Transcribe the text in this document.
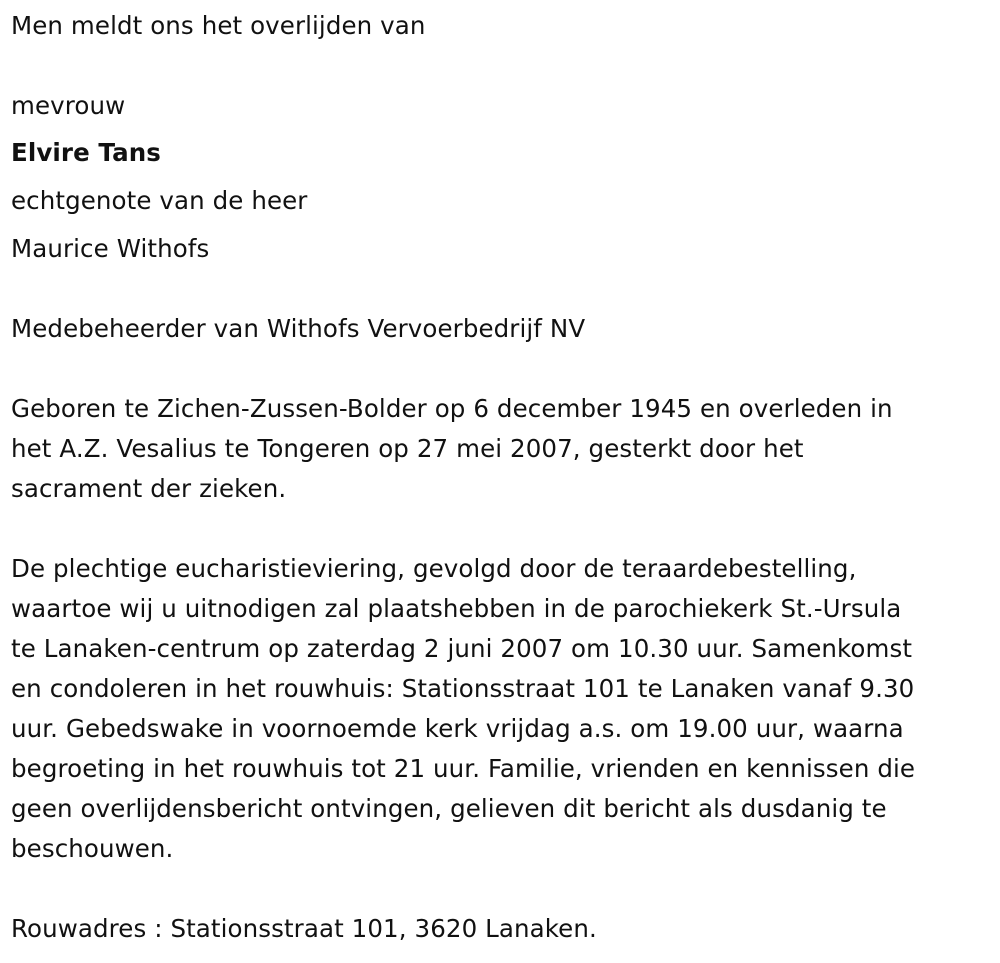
Men meldt ons het overlijden van
mevrouw
Elvire Tans
echtgenote van de heer
Maurice Withofs
Medebeheerder van Withofs Vervoerbedrijf NV
Geboren te Zichen-Zussen-Bolder op 6 december 1945 en overleden in
het A.Z. Vesalius te Tongeren op 27 mei 2007, gesterkt door het
sacrament der zieken.
De plechtige eucharistieviering, gevolgd door de teraardebestelling,
waartoe wij u uitnodigen zal plaatshebben in de parochiekerk St.-Ursula
te Lanaken-centrum op zaterdag 2 juni 2007 om 10.30 uur. Samenkomst
en condoleren in het rouwhuis: Stationsstraat 101 te Lanaken vanaf 9.30
uur. Gebedswake in voornoemde kerk vrijdag a.s. om 19.00 uur, waarna
begroeting in het rouwhuis tot 21 uur. Familie, vrienden en kennissen die
geen overlijdensbericht ontvingen, gelieven dit bericht als dusdanig te
beschouwen.
Rouwadres : Stationsstraat 101, 3620 Lanaken.
